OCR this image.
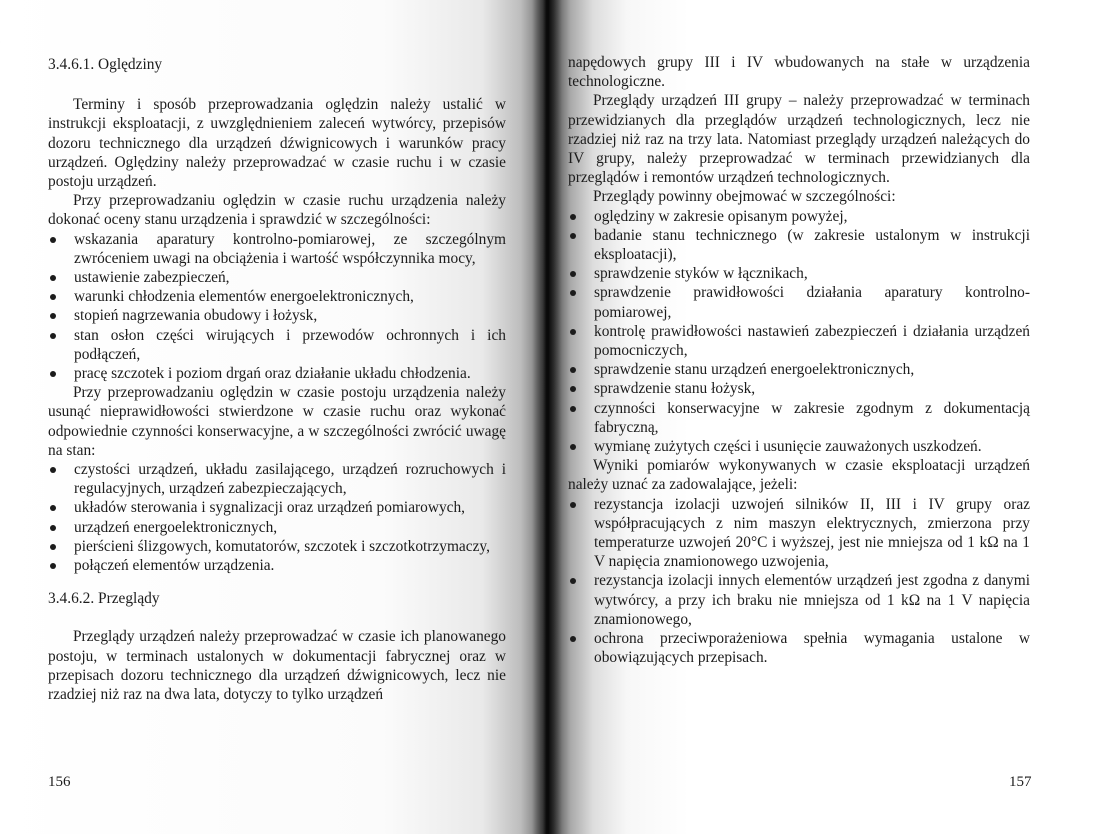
3.4.6.1. Oględziny

Terminy i sposób przeprowadzania oględzin należy ustalić w instrukcji eksploatacji, z uwzględnieniem zaleceń wytwórcy, przepisów dozoru technicznego dla urządzeń dźwignicowych i warunków pracy urządzeń. Oględziny należy przeprowadzać w czasie ruchu i w czasie postoju urządzeń.

Przy przeprowadzaniu oględzin w czasie ruchu urządzenia należy dokonać oceny stanu urządzenia i sprawdzić w szczególności:

wskazania aparatury kontrolno-pomiarowej, ze szczególnym zwróceniem uwagi na obciążenia i wartość współczynnika mocy,
ustawienie zabezpieczeń,
warunki chłodzenia elementów energoelektronicznych,
stopień nagrzewania obudowy i łożysk,
stan osłon części wirujących i przewodów ochronnych i ich podłączeń,
pracę szczotek i poziom drgań oraz działanie układu chłodzenia.

Przy przeprowadzaniu oględzin w czasie postoju urządzenia należy usunąć nieprawidłowości stwierdzone w czasie ruchu oraz wykonać odpowiednie czynności konserwacyjne, a w szczególności zwrócić uwagę na stan:

czystości urządzeń, układu zasilającego, urządzeń rozruchowych i regulacyjnych, urządzeń zabezpieczających,
układów sterowania i sygnalizacji oraz urządzeń pomiarowych,
urządzeń energoelektronicznych,
pierścieni ślizgowych, komutatorów, szczotek i szczotkotrzymaczy,
połączeń elementów urządzenia.

3.4.6.2. Przeglądy

Przeglądy urządzeń należy przeprowadzać w czasie ich planowanego postoju, w terminach ustalonych w dokumentacji fabrycznej oraz w przepisach dozoru technicznego dla urządzeń dźwignicowych, lecz nie rzadziej niż raz na dwa lata, dotyczy to tylko urządzeń

156

napędowych grupy III i IV wbudowanych na stałe w urządzenia technologiczne.

Przeglądy urządzeń III grupy – należy przeprowadzać w terminach przewidzianych dla przeglądów urządzeń technologicznych, lecz nie rzadziej niż raz na trzy lata. Natomiast przeglądy urządzeń należących do IV grupy, należy przeprowadzać w terminach przewidzianych dla przeglądów i remontów urządzeń technologicznych.

Przeglądy powinny obejmować w szczególności:

oględziny w zakresie opisanym powyżej,
badanie stanu technicznego (w zakresie ustalonym w instrukcji eksploatacji),
sprawdzenie styków w łącznikach,
sprawdzenie prawidłowości działania aparatury kontrolno-pomiarowej,
kontrolę prawidłowości nastawień zabezpieczeń i działania urządzeń pomocniczych,
sprawdzenie stanu urządzeń energoelektronicznych,
sprawdzenie stanu łożysk,
czynności konserwacyjne w zakresie zgodnym z dokumentacją fabryczną,
wymianę zużytych części i usunięcie zauważonych uszkodzeń.

Wyniki pomiarów wykonywanych w czasie eksploatacji urządzeń należy uznać za zadowalające, jeżeli:

rezystancja izolacji uzwojeń silników II, III i IV grupy oraz współpracujących z nim maszyn elektrycznych, zmierzona przy temperaturze uzwojeń 20°C i wyższej, jest nie mniejsza od 1 kΩ na 1 V napięcia znamionowego uzwojenia,
rezystancja izolacji innych elementów urządzeń jest zgodna z danymi wytwórcy, a przy ich braku nie mniejsza od 1 kΩ na 1 V napięcia znamionowego,
ochrona przeciwporażeniowa spełnia wymagania ustalone w obowiązujących przepisach.
157
